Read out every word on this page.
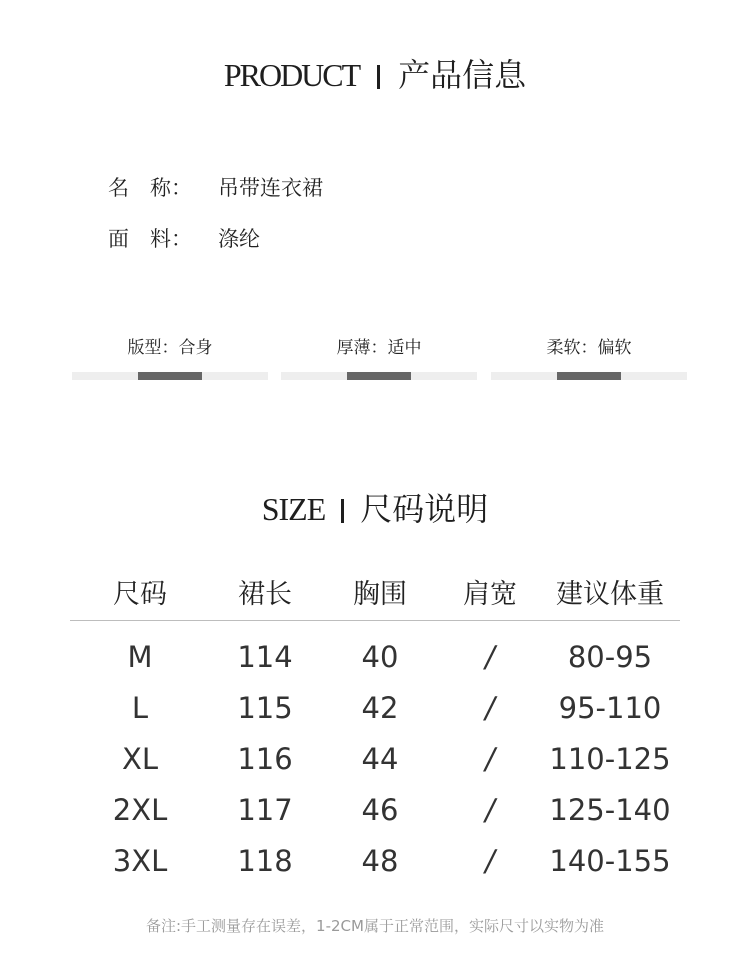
PRODUCT 产品信息
名　称： 吊带连衣裙
面　料： 涤纶
版型：合身	厚薄：适中	柔软：偏软
SIZE 尺码说明
尺码	裙长	胸围	肩宽	建议体重
M	114	40	/	80-95
L	115	42	/	95-110
XL	116	44	/	110-125
2XL	117	46	/	125-140
3XL	118	48	/	140-155
备注:手工测量存在误差，1-2CM属于正常范围，实际尺寸以实物为准
